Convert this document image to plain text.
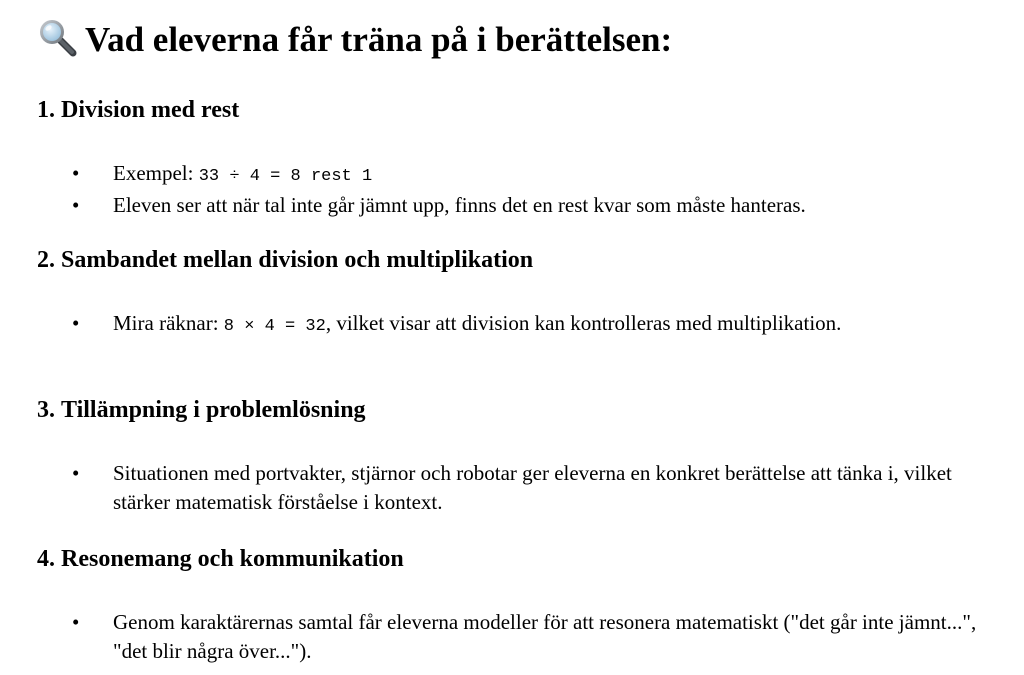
Vad eleverna får träna på i berättelsen:
1. Division med rest
• Exempel: 33 ÷ 4 = 8 rest 1
• Eleven ser att när tal inte går jämnt upp, finns det en rest kvar som måste hanteras.
2. Sambandet mellan division och multiplikation
• Mira räknar: 8 × 4 = 32, vilket visar att division kan kontrolleras med multiplikation.
3. Tillämpning i problemlösning
• Situationen med portvakter, stjärnor och robotar ger eleverna en konkret berättelse att tänka i, vilket stärker matematisk förståelse i kontext.
4. Resonemang och kommunikation
• Genom karaktärernas samtal får eleverna modeller för att resonera matematiskt ("det går inte jämnt...", "det blir några över...").
